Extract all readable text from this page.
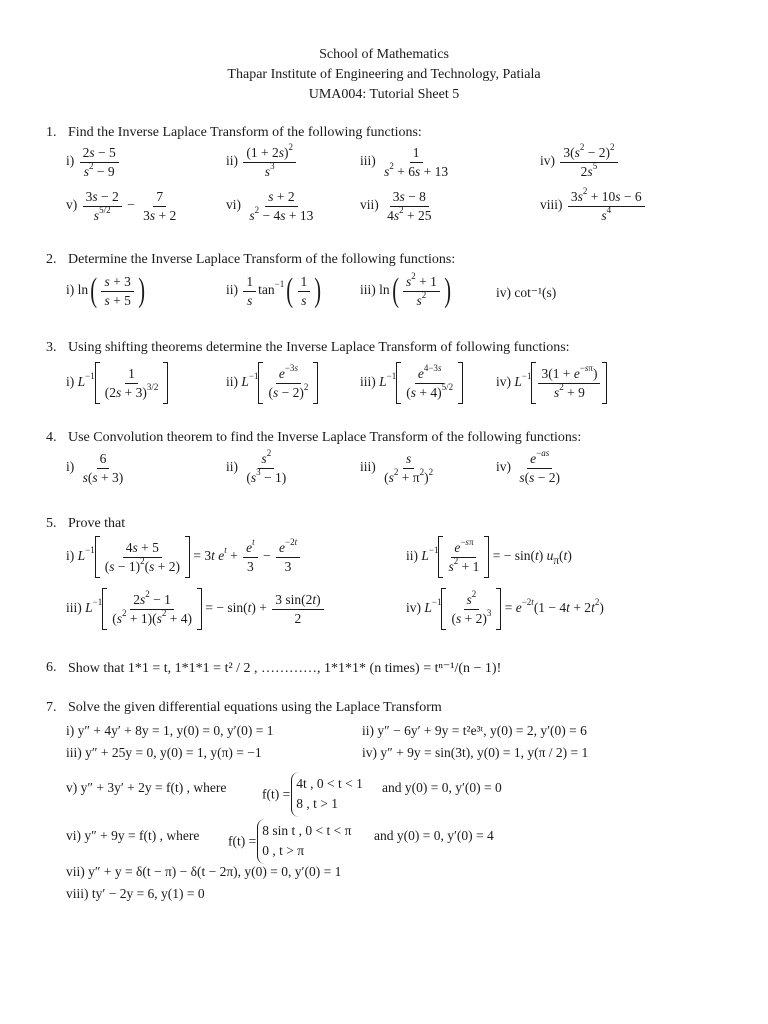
School of Mathematics
Thapar Institute of Engineering and Technology, Patiala
UMA004: Tutorial Sheet 5
1. Find the Inverse Laplace Transform of the following functions:
$i) \frac{2s - 5}{s^2 - 9}$	$ii) \frac{(1 + 2s)^2}{s^3}$	$iii) \frac{1}{s^2 + 6s + 13}$	$iv) \frac{3(s^2 - 2)^2}{2s^5}$
$v) \frac{3s - 2}{s^{5/2}} - \frac{7}{3s + 2}$	$vi) \frac{s + 2}{s^2 - 4s + 13}$	$vii) \frac{3s - 8}{4s^2 + 25}$	viii) $\frac{3s^2 + 10s - 6}{s^4}$
2. Determine the Inverse Laplace Transform of the following functions:
i) $\ln( \frac{s + 3}{s + 5}$ )	$ii) \frac{1}{s} \tan^{-1}( \frac{1}{s}$ )	iii) $\ln( \frac{s^2 + 1}{s^2}$ )	iv) cot⁻¹(s)
3. Using shifting theorems determine the Inverse Laplace Transform of following functions:
i) $L^{-1} \frac{1}{(2s + 3)^{3/2}}$	ii) $L^{-1} \frac{e^{-3s}}{(s - 2)^2}$	iii) $L^{-1} \frac{e^{4-3s}}{(s + 4)^{5/2}}$	iv) $L^{-1} \frac{3(1 + e^{-s\pi})}{s^2 + 9}$
4. Use Convolution theorem to find the Inverse Laplace Transform of the following functions:
$i) \frac{6}{s(s + 3)}$	$ii) \frac{s^2}{(s^3 - 1)}$	$iii) \frac{s}{(s^2 + \pi^2)^2}$	$iv) \frac{e^{-as}}{s(s - 2)}$
5. Prove that
i) $L^{-1} \frac{4s + 5}{(s - 1)^2(s + 2)} = 3t$ $e^t + \frac{e^t}{3} - \frac{e^{-2t}}{3}$	ii) $L^{-1} \frac{e^{-s\pi}}{s^2 + 1}$ = − sin(t) $u_\pi(t)$
iii) $L^{-1} \frac{2s^2 - 1}{(s^2 + 1)(s^2 + 4)}$ = − $\sin(t) + \frac{3 \sin(2t)}{2}$	iv) $L^{-1} \frac{s^2}{(s + 2)^3} = e^{-2t}(1 - 4t + 2t^2)$
6. Show that 1*1 = t, 1*1*1 = t² / 2 , …………, 1*1*1* (n times) = tⁿ⁻¹/(n − 1)!
7. Solve the given differential equations using the Laplace Transform
i) y″ + 4y′ + 8y = 1, y(0) = 0, y′(0) = 1	ii) y″ − 6y′ + 9y = t²e³ᵗ, y(0) = 2, y′(0) = 6
iii) y″ + 25y = 0, y(0) = 1, y(π) = −1	iv) y″ + 9y = sin(3t), y(0) = 1, y(π / 2) = 1
v) y″ + 3y′ + 2y = f(t) , where	f(t) =
4t , 0 < t < 1
8 , t > 1
and y(0) = 0, y′(0) = 0
vi) y″ + 9y = f(t) , where f(t) =
8 sin t , 0 < t < π
0 , t > π
and y(0) = 0, y′(0) = 4
vii) y″ + y = δ(t − π) − δ(t − 2π), y(0) = 0, y′(0) = 1
viii) ty′ − 2y = 6, y(1) = 0
